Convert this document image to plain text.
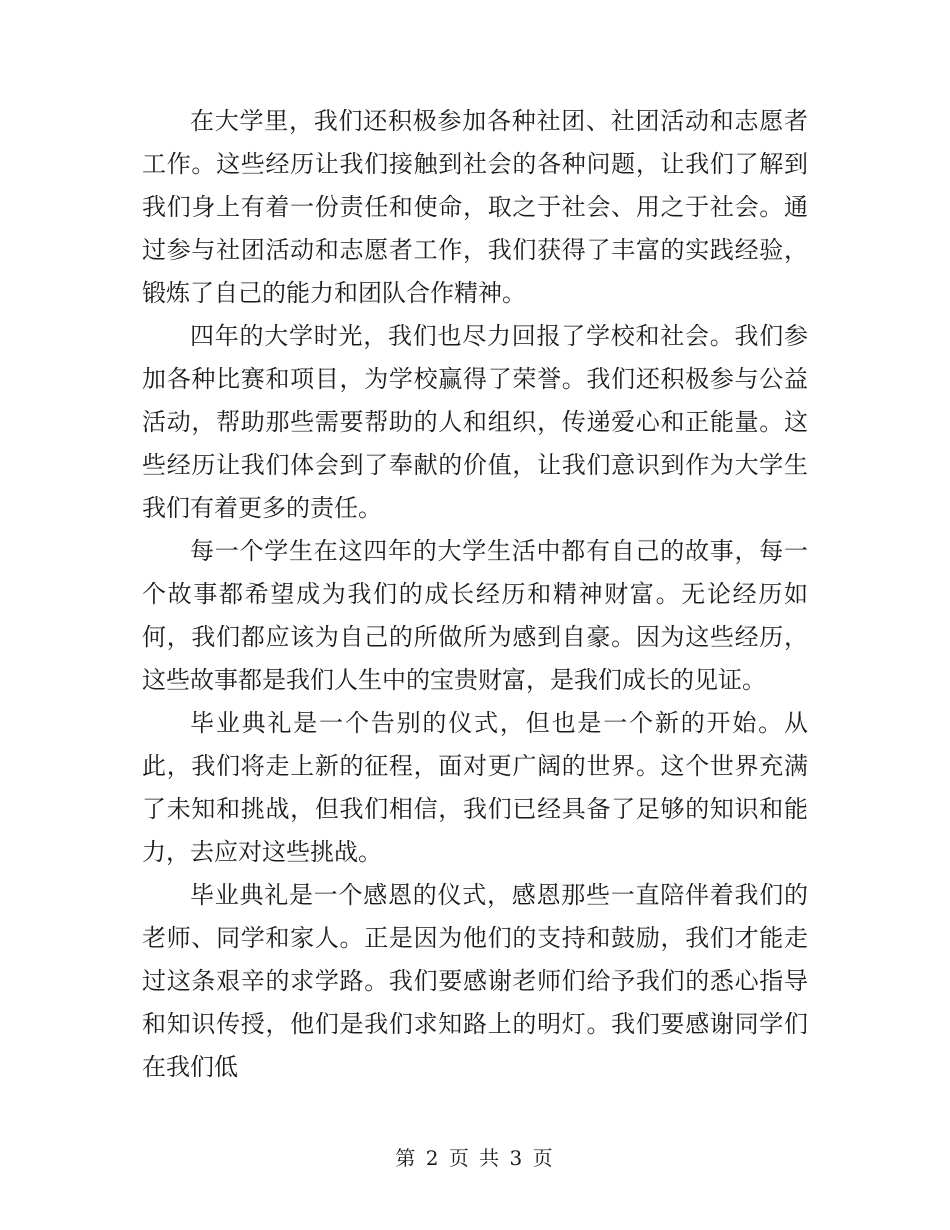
在大学里，我们还积极参加各种社团、社团活动和志愿者工作。这些经历让我们接触到社会的各种问题，让我们了解到我们身上有着一份责任和使命，取之于社会、用之于社会。通过参与社团活动和志愿者工作，我们获得了丰富的实践经验，锻炼了自己的能力和团队合作精神。

四年的大学时光，我们也尽力回报了学校和社会。我们参加各种比赛和项目，为学校赢得了荣誉。我们还积极参与公益活动，帮助那些需要帮助的人和组织，传递爱心和正能量。这些经历让我们体会到了奉献的价值，让我们意识到作为大学生我们有着更多的责任。

每一个学生在这四年的大学生活中都有自己的故事，每一个故事都希望成为我们的成长经历和精神财富。无论经历如何，我们都应该为自己的所做所为感到自豪。因为这些经历，这些故事都是我们人生中的宝贵财富，是我们成长的见证。

毕业典礼是一个告别的仪式，但也是一个新的开始。从此，我们将走上新的征程，面对更广阔的世界。这个世界充满了未知和挑战，但我们相信，我们已经具备了足够的知识和能力，去应对这些挑战。

毕业典礼是一个感恩的仪式，感恩那些一直陪伴着我们的老师、同学和家人。正是因为他们的支持和鼓励，我们才能走过这条艰辛的求学路。我们要感谢老师们给予我们的悉心指导和知识传授，他们是我们求知路上的明灯。我们要感谢同学们在我们低

第 2 页 共 3 页
